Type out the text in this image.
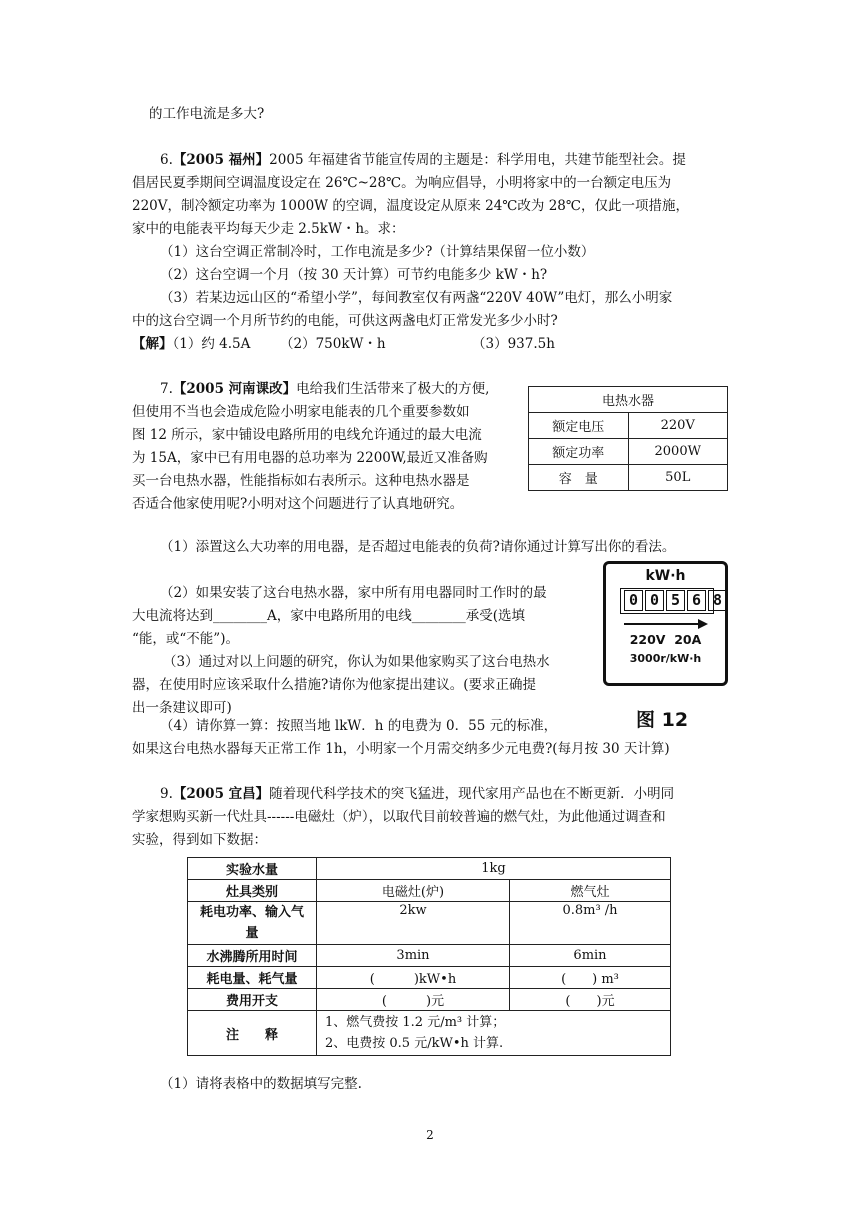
的工作电流是多大?
6.【2005 福州】2005 年福建省节能宣传周的主题是：科学用电，共建节能型社会。提
倡居民夏季期间空调温度设定在 26℃~28℃。为响应倡导，小明将家中的一台额定电压为
220V，制冷额定功率为 1000W 的空调，温度设定从原来 24℃改为 28℃，仅此一项措施，
家中的电能表平均每天少走 2.5kW・h。求：
（1）这台空调正常制冷时，工作电流是多少?（计算结果保留一位小数）
（2）这台空调一个月（按 30 天计算）可节约电能多少 kW・h?
（3）若某边远山区的“希望小学”，每间教室仅有两盏“220V 40W”电灯，那么小明家
中的这台空调一个月所节约的电能，可供这两盏电灯正常发光多少小时?
【解】（1）约 4.5A （2）750kW・h	（3）937.5h
7.【2005 河南课改】电给我们生活带来了极大的方便,
但使用不当也会造成危险小明家电能表的几个重要参数如
图 12 所示，家中铺设电路所用的电线允许通过的最大电流
为 15A，家中已有用电器的总功率为 2200W,最近又准备购
买一台电热水器，性能指标如右表所示。这种电热水器是
否适合他家使用呢?小明对这个问题进行了认真地研究。
电热水器	
额定电压	220V
额定功率	2000W
容　量	50L
（1）添置这么大功率的用电器，是否超过电能表的负荷?请你通过计算写出你的看法。
（2）如果安装了这台电热水器，家中所有用电器同时工作时的最
大电流将达到________A，家中电路所用的电线________承受(选填
“能，或“不能”)。
（3）通过对以上问题的研究，你认为如果他家购买了这台电热水
器，在使用时应该采取什么措施?请你为他家提出建议。(要求正确提
出一条建议即可)
（4）请你算一算：按照当地 lkW．h 的电费为 0．55 元的标准，
如果这台电热水器每天正常工作 1h，小明家一个月需交纳多少元电费?(每月按 30 天计算)
kW·h
0 0 5 6 8
220V  20A
3000r/kW·h
图 12
9.【2005 宜昌】随着现代科学技术的突飞猛进，现代家用产品也在不断更新．小明同
学家想购买新一代灶具------电磁灶（炉），以取代目前较普遍的燃气灶，为此他通过调查和
实验，得到如下数据：
实验水量	1kg	
灶具类别	电磁灶(炉)	燃气灶
耗电功率、输入气
量	2kw	0.8m³ /h
水沸腾所用时间	3min	6min
耗电量、耗气量	(　　　)kW•h	(　　) m³
费用开支	(　　　)元	(　　)元
注　　释	1、燃气费按 1.2 元/m³ 计算；
2、电费按 0.5 元/kW•h 计算.	
（1）请将表格中的数据填写完整.
2
